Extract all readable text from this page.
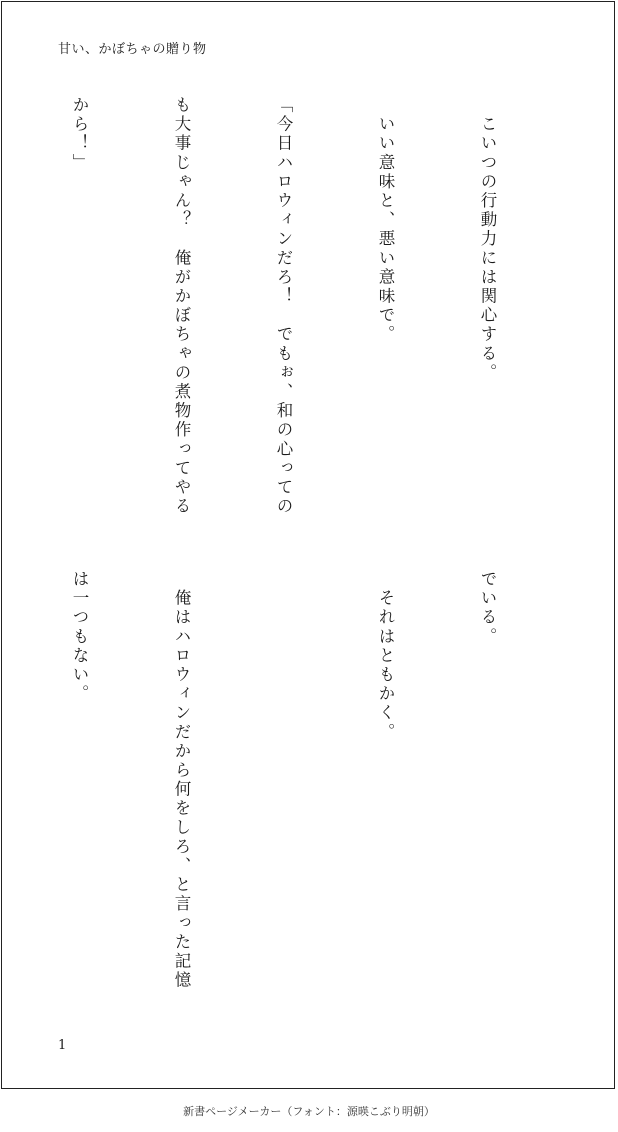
甘い、かぼちゃの贈り物

　こいつの行動力には関心する。

　いい意味と、悪い意味で。

「今日ハロウィンだろ！　でもぉ、和の心っての

も大事じゃん？　俺がかぼちゃの煮物作ってやる

から！」

でいる。

　それはともかく。

　俺はハロウィンだから何をしろ、と言った記憶

は一つもない。

1
新書ページメーカー（フォント：源暎こぶり明朝）
